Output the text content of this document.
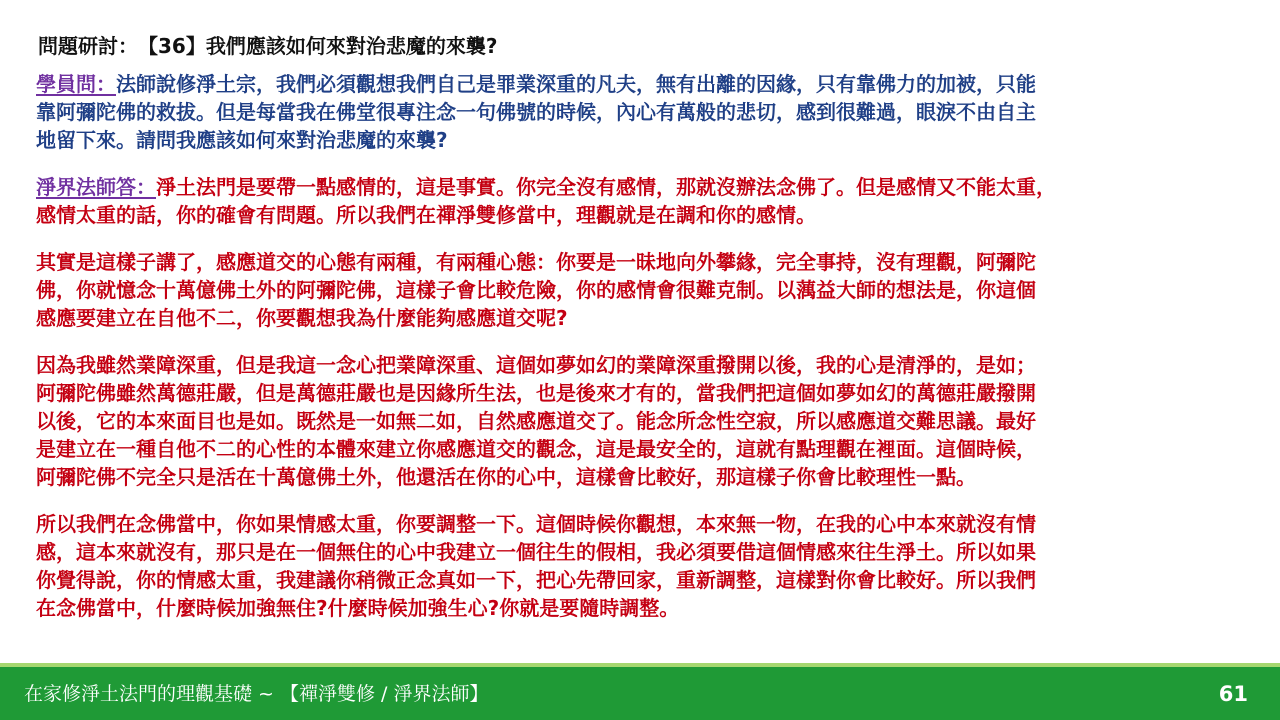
問題研討：　【36】我們應該如何來對治悲魔的來襲?
學員問：法師說修淨土宗，我們必須觀想我們自己是罪業深重的凡夫，無有出離的因緣，只有靠佛力的加被，只能
靠阿彌陀佛的救拔。但是每當我在佛堂很專注念一句佛號的時候，內心有萬般的悲切，感到很難過，眼淚不由自主
地留下來。請問我應該如何來對治悲魔的來襲?
淨界法師答：淨土法門是要帶一點感情的，這是事實。你完全沒有感情，那就沒辦法念佛了。但是感情又不能太重，
感情太重的話，你的確會有問題。所以我們在禪淨雙修當中，理觀就是在調和你的感情。
其實是這樣子講了，感應道交的心態有兩種，有兩種心態：你要是一昧地向外攀緣，完全事持，沒有理觀，阿彌陀
佛，你就憶念十萬億佛土外的阿彌陀佛，這樣子會比較危險，你的感情會很難克制。以蕅益大師的想法是，你這個
感應要建立在自他不二，你要觀想我為什麼能夠感應道交呢?
因為我雖然業障深重，但是我這一念心把業障深重、這個如夢如幻的業障深重撥開以後，我的心是清淨的，是如；
阿彌陀佛雖然萬德莊嚴，但是萬德莊嚴也是因緣所生法，也是後來才有的，當我們把這個如夢如幻的萬德莊嚴撥開
以後，它的本來面目也是如。既然是一如無二如，自然感應道交了。能念所念性空寂，所以感應道交難思議。最好
是建立在一種自他不二的心性的本體來建立你感應道交的觀念，這是最安全的，這就有點理觀在裡面。這個時候，
阿彌陀佛不完全只是活在十萬億佛土外，他還活在你的心中，這樣會比較好，那這樣子你會比較理性一點。
所以我們在念佛當中，你如果情感太重，你要調整一下。這個時候你觀想，本來無一物，在我的心中本來就沒有情
感，這本來就沒有，那只是在一個無住的心中我建立一個往生的假相，我必須要借這個情感來往生淨土。所以如果
你覺得說，你的情感太重，我建議你稍微正念真如一下，把心先帶回家，重新調整，這樣對你會比較好。所以我們
在念佛當中，什麼時候加強無住?什麼時候加強生心?你就是要隨時調整。
在家修淨土法門的理觀基礎 ~ 【禪淨雙修 / 淨界法師】	61
